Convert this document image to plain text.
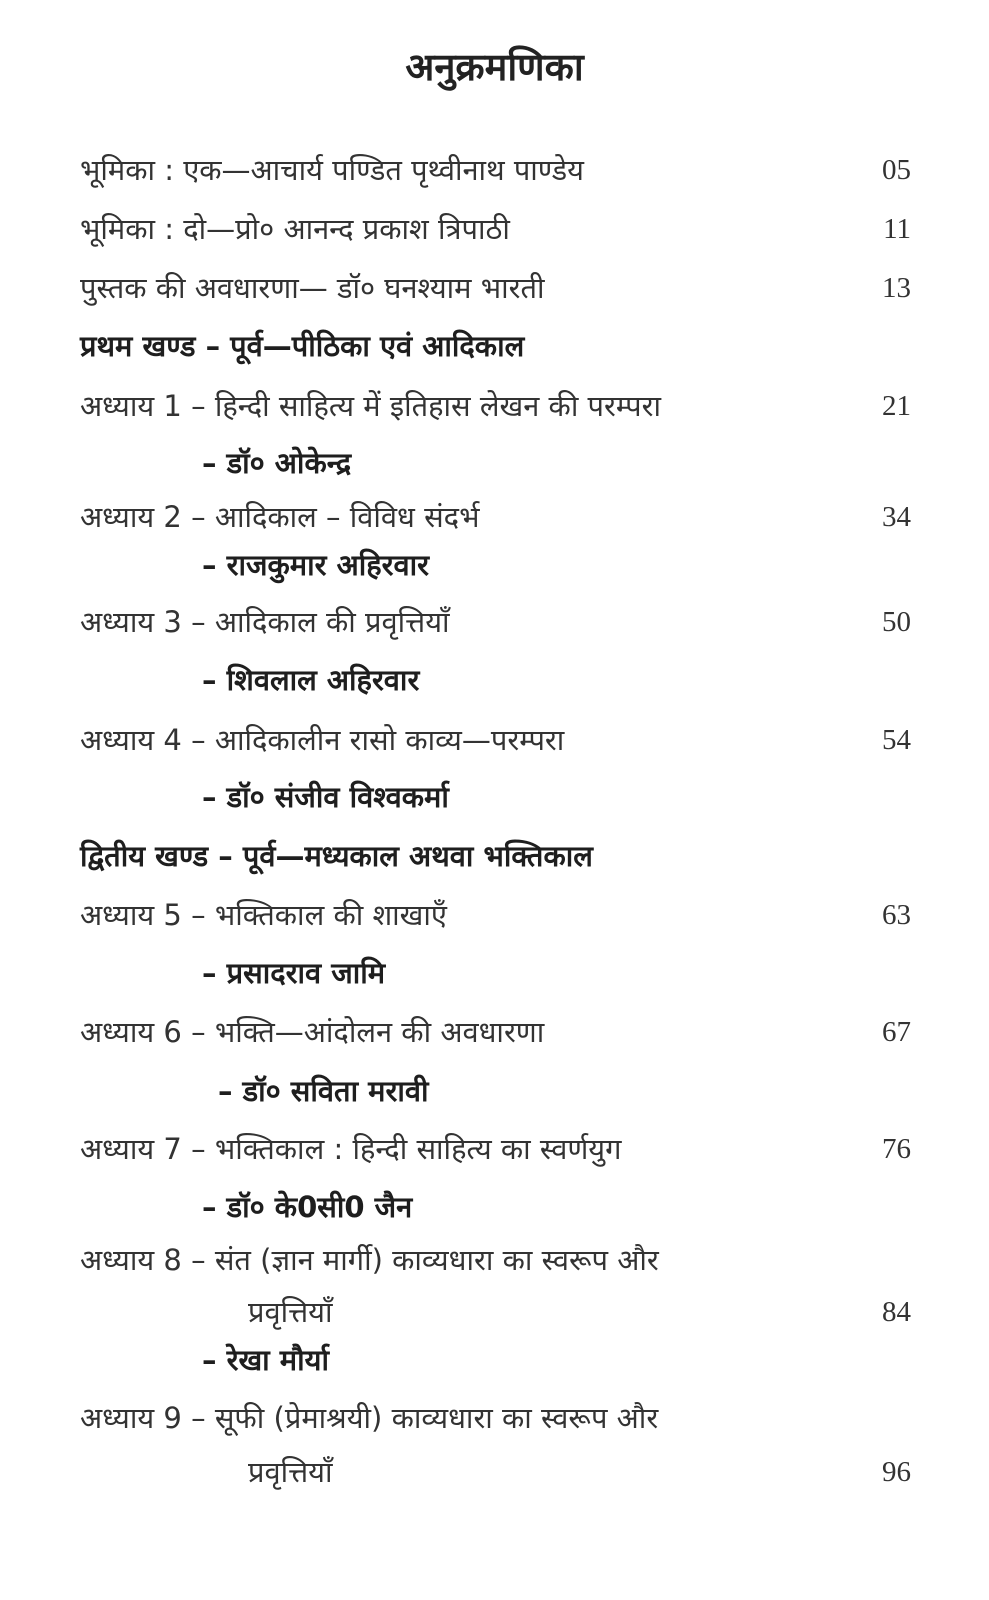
अनुक्रमणिका
भूमिका : एक—आचार्य पण्डित पृथ्वीनाथ पाण्डेय	05
भूमिका : दो—प्रो० आनन्द प्रकाश त्रिपाठी	11
पुस्तक की अवधारणा— डॉ० घनश्याम भारती	13
प्रथम खण्ड – पूर्व—पीठिका एवं आदिकाल
अध्याय 1 – हिन्दी साहित्य में इतिहास लेखन की परम्परा	21
– डॉ० ओकेन्द्र
अध्याय 2 – आदिकाल – विविध संदर्भ	34
– राजकुमार अहिरवार
अध्याय 3 – आदिकाल की प्रवृत्तियॉं	50
– शिवलाल अहिरवार
अध्याय 4 – आदिकालीन रासो काव्य—परम्परा	54
– डॉ० संजीव विश्वकर्मा
द्वितीय खण्ड – पूर्व—मध्यकाल अथवा भक्तिकाल
अध्याय 5 – भक्तिकाल की शाखाएँ	63
– प्रसादराव जामि
अध्याय 6 – भक्ति—आंदोलन की अवधारणा	67
– डॉ० सविता मरावी
अध्याय 7 – भक्तिकाल : हिन्दी साहित्य का स्वर्णयुग	76
– डॉ० के0सी0 जैन
अध्याय 8 – संत (ज्ञान मार्गी) काव्यधारा का स्वरूप और
प्रवृत्तियाँ	84
– रेखा मौर्या
अध्याय 9 – सूफी (प्रेमाश्रयी) काव्यधारा का स्वरूप और
प्रवृत्तियाँ	96
